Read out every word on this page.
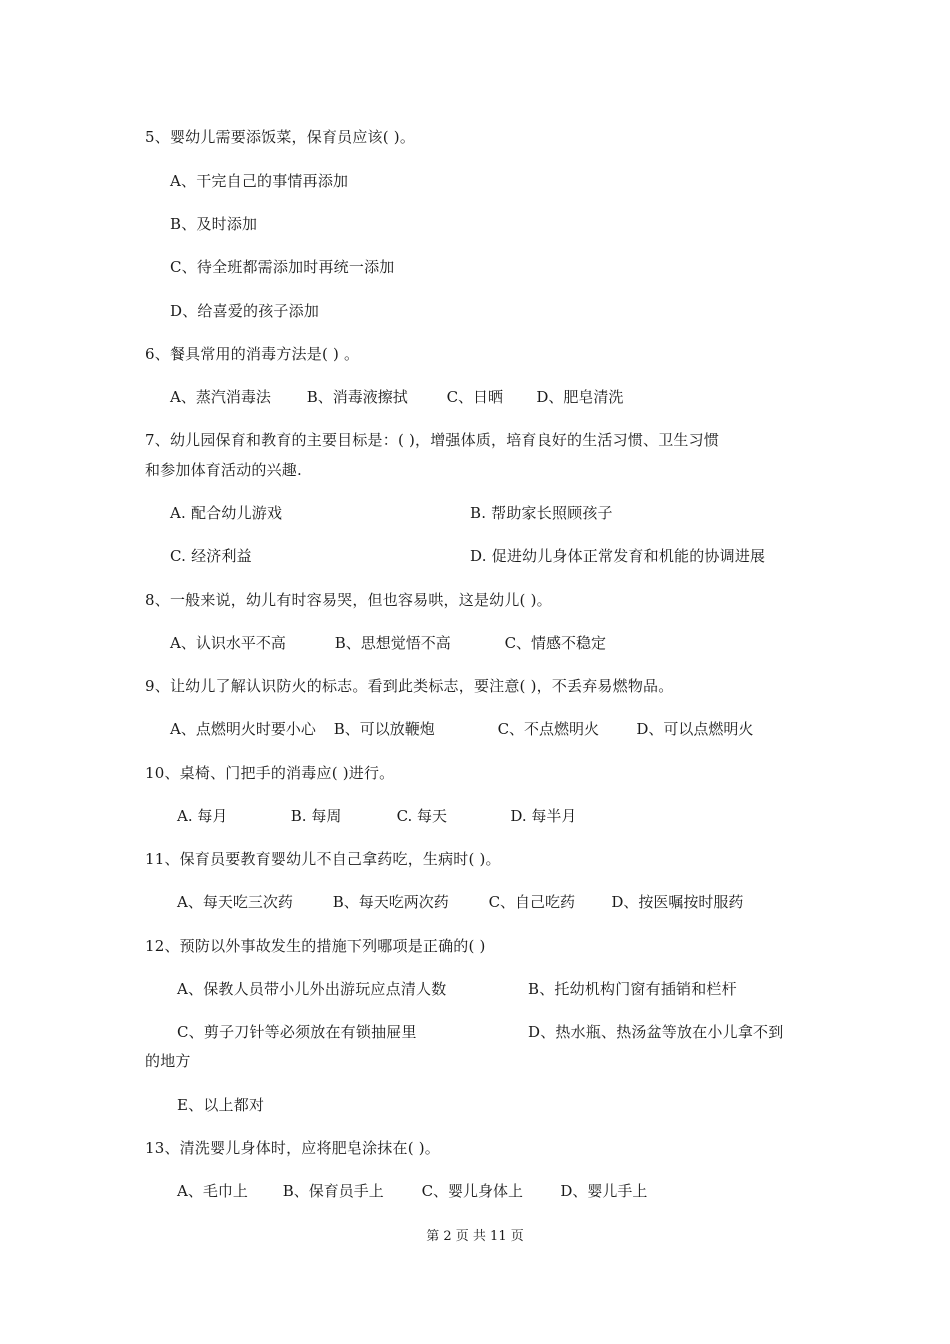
5、婴幼儿需要添饭菜，保育员应该( )。
A、干完自己的事情再添加
B、及时添加
C、待全班都需添加时再统一添加
D、给喜爱的孩子添加
6、餐具常用的消毒方法是( ) 。
A、蒸汽消毒法 B、消毒液擦拭	C、日晒 D、肥皂清洗
7、幼儿园保育和教育的主要目标是：( )，增强体质，培育良好的生活习惯、卫生习惯
和参加体育活动的兴趣.
A. 配合幼儿游戏	B. 帮助家长照顾孩子
C. 经济利益	D. 促进幼儿身体正常发育和机能的协调进展
8、一般来说，幼儿有时容易哭，但也容易哄，这是幼儿( )。
A、认识水平不高	B、思想觉悟不高	C、情感不稳定
9、让幼儿了解认识防火的标志。看到此类标志，要注意( )，不丢弃易燃物品。
A、点燃明火时要小心 B、可以放鞭炮	C、不点燃明火 D、可以点燃明火
10、桌椅、门把手的消毒应( )进行。
A. 每月	B. 每周	C. 每天	D. 每半月
11、保育员要教育婴幼儿不自己拿药吃，生病时( )。
A、每天吃三次药	B、每天吃两次药	C、自己吃药 D、按医嘱按时服药
12、预防以外事故发生的措施下列哪项是正确的( )
A、保教人员带小儿外出游玩应点清人数	B、托幼机构门窗有插销和栏杆
C、剪子刀针等必须放在有锁抽屉里	D、热水瓶、热汤盆等放在小儿拿不到
的地方
E、以上都对
13、清洗婴儿身体时，应将肥皂涂抹在( )。
A、毛巾上 B、保育员手上	C、婴儿身体上 D、婴儿手上
第 2 页 共 11 页
